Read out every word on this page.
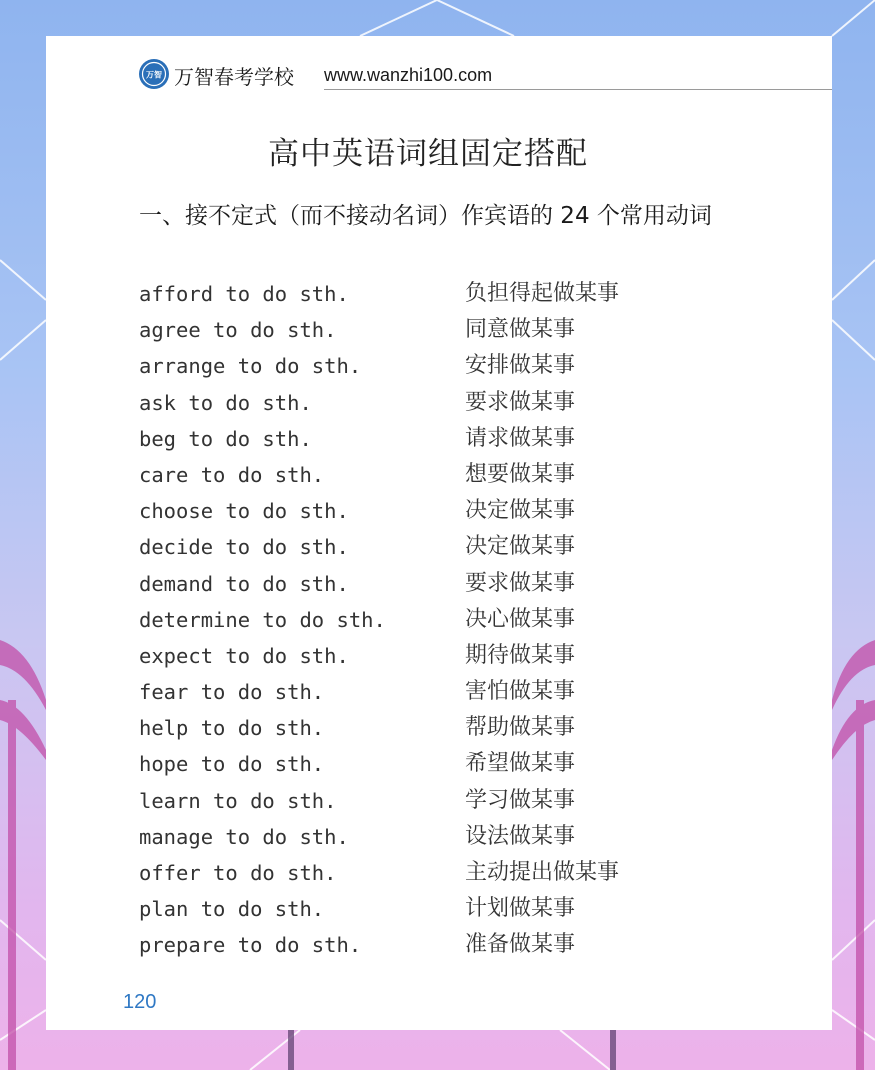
万智 万智春考学校 www.wanzhi100.com
高中英语词组固定搭配
一、接不定式（而不接动名词）作宾语的 24 个常用动词
afford to do sth.	负担得起做某事
agree to do sth.	同意做某事
arrange to do sth.	安排做某事
ask to do sth.	要求做某事
beg to do sth.	请求做某事
care to do sth.	想要做某事
choose to do sth.	决定做某事
decide to do sth.	决定做某事
demand to do sth.	要求做某事
determine to do sth.	决心做某事
expect to do sth.	期待做某事
fear to do sth.	害怕做某事
help to do sth.	帮助做某事
hope to do sth.	希望做某事
learn to do sth.	学习做某事
manage to do sth.	设法做某事
offer to do sth.	主动提出做某事
plan to do sth.	计划做某事
prepare to do sth.	准备做某事
120
